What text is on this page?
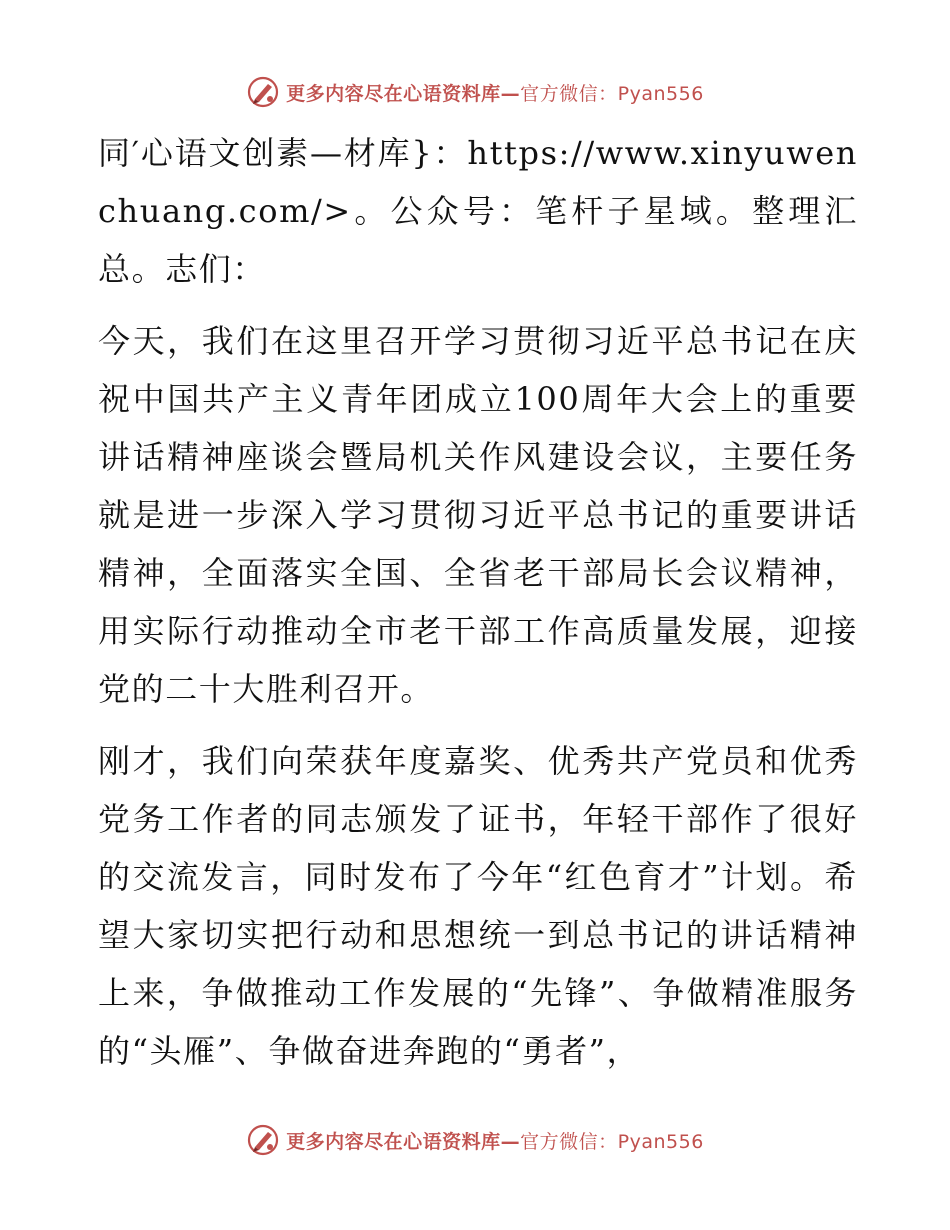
更多内容尽在心语资料库—官方微信：Pyan556

同′心语文创素—材库}：https://www.xinyuwenchuang.com/>。公众号：笔杆子星域。整理汇总。志们：

今天，我们在这里召开学习贯彻习近平总书记在庆祝中国共产主义青年团成立100周年大会上的重要讲话精神座谈会暨局机关作风建设会议，主要任务就是进一步深入学习贯彻习近平总书记的重要讲话精神，全面落实全国、全省老干部局长会议精神，用实际行动推动全市老干部工作高质量发展，迎接党的二十大胜利召开。

刚才，我们向荣获年度嘉奖、优秀共产党员和优秀党务工作者的同志颁发了证书，年轻干部作了很好的交流发言，同时发布了今年“红色育才”计划。希望大家切实把行动和思想统一到总书记的讲话精神上来，争做推动工作发展的“先锋”、争做精准服务的“头雁”、争做奋进奔跑的“勇者”，

更多内容尽在心语资料库—官方微信：Pyan556
